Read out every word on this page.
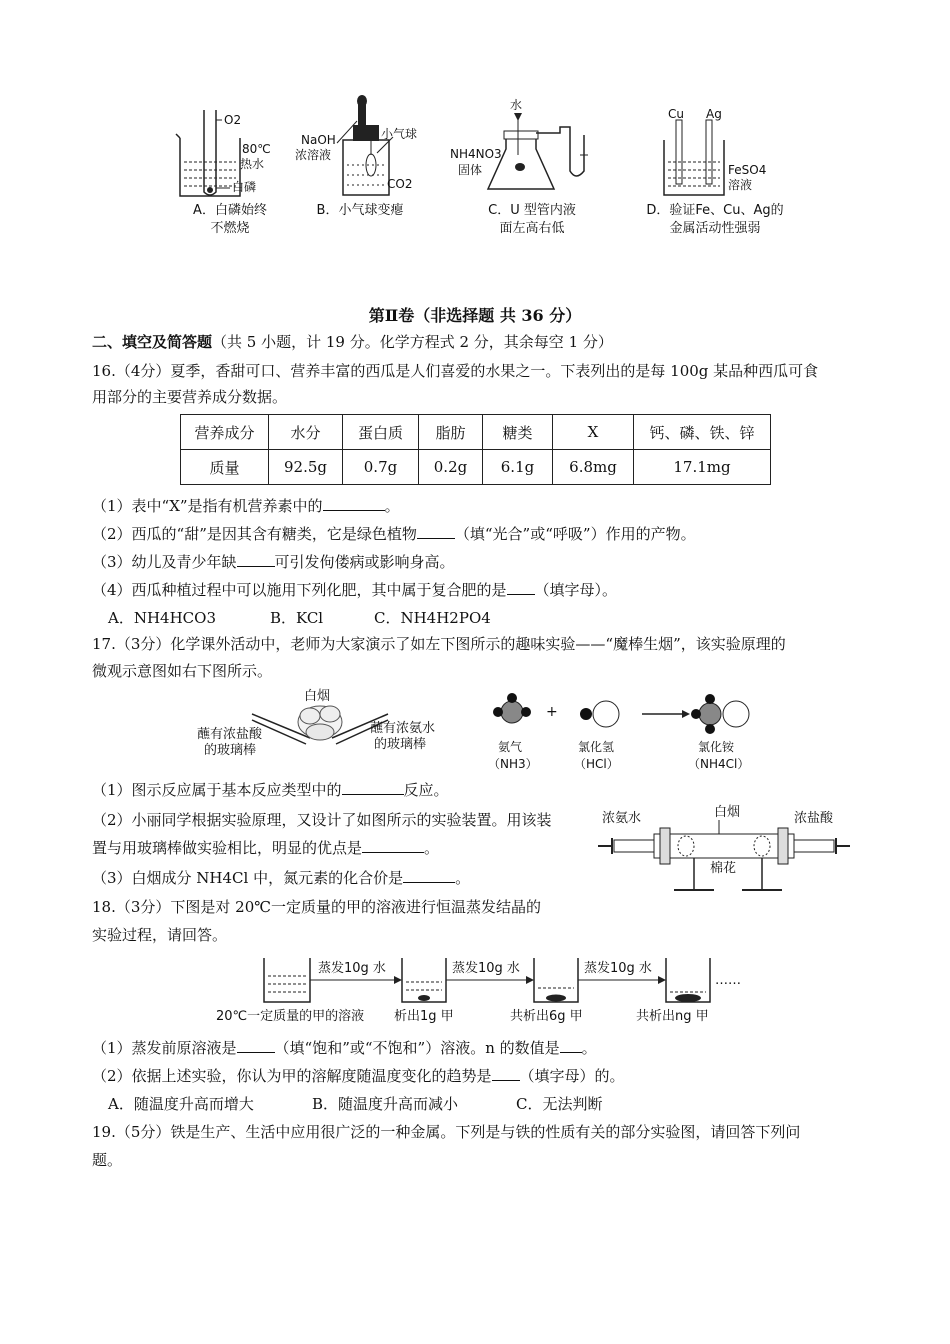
O2
80℃
热水
白磷
A．白磷始终
不燃烧
NaOH
浓溶液
小气球
CO2
B．小气球变瘪
水
NH4NO3
固体
C．U 型管内液
面左高右低
Cu Ag
FeSO4
溶液
D．验证Fe、Cu、Ag的
金属活动性强弱
第Ⅱ卷（非选择题 共 36 分）
二、填空及简答题（共 5 小题，计 19 分。化学方程式 2 分，其余每空 1 分）
16.（4分）夏季，香甜可口、营养丰富的西瓜是人们喜爱的水果之一。下表列出的是每 100g 某品种西瓜可食
用部分的主要营养成分数据。
营养成分	水分	蛋白质	脂肪	糖类	X	钙、磷、铁、锌
质量	92.5g	0.7g	0.2g	6.1g	6.8mg	17.1mg
（1）表中“X”是指有机营养素中的	。
（2）西瓜的“甜”是因其含有糖类，它是绿色植物	（填“光合”或“呼吸”）作用的产物。
（3）幼儿及青少年缺	可引发佝偻病或影响身高。
（4）西瓜种植过程中可以施用下列化肥，其中属于复合肥的是 （填字母）。
A．NH4HCO3	B．KCl	C．NH4H2PO4
17.（3分）化学课外活动中，老师为大家演示了如左下图所示的趣味实验——“魔棒生烟”，该实验原理的
微观示意图如右下图所示。
白烟
蘸有浓盐酸
的玻璃棒
蘸有浓氨水
的玻璃棒
+
氨气
（NH3）
氯化氢
（HCl）
氯化铵
（NH4Cl）
（1）图示反应属于基本反应类型中的	反应。
（2）小丽同学根据实验原理，又设计了如图所示的实验装置。用该装
置与用玻璃棒做实验相比，明显的优点是	。
（3）白烟成分 NH4Cl 中，氮元素的化合价是	。
浓氨水	白烟	浓盐酸
棉花
18.（3分）下图是对 20℃一定质量的甲的溶液进行恒温蒸发结晶的
实验过程，请回答。
蒸发10g 水	蒸发10g 水	蒸发10g 水
……
20℃一定质量的甲的溶液 析出1g 甲	共析出6g 甲	共析出ng 甲
（1）蒸发前原溶液是	（填“饱和”或“不饱和”）溶液。n 的数值是 。
（2）依据上述实验，你认为甲的溶解度随温度变化的趋势是 （填字母）的。
A．随温度升高而增大	B．随温度升高而减小	C．无法判断
19.（5分）铁是生产、生活中应用很广泛的一种金属。下列是与铁的性质有关的部分实验图，请回答下列问
题。
